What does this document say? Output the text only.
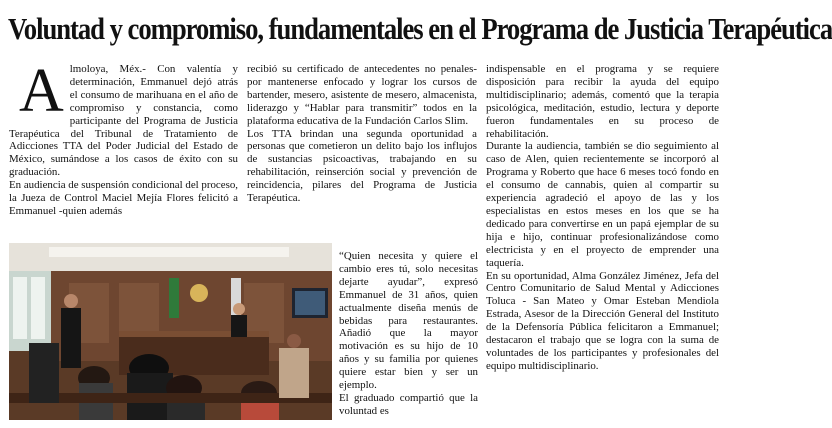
Voluntad y compromiso, fundamentales en el Programa de Justicia Terapéutica

Almoloya, Méx.- Con valentía y determinación, Emmanuel dejó atrás el consumo de marihuana en el año de compromiso y constancia, como participante del Programa de Justicia Terapéutica del Tribunal de Tratamiento de Adicciones TTA del Poder Judicial del Estado de México, sumándose a los casos de éxito con su graduación.

En audiencia de suspensión condicional del proceso, la Jueza de Control Maciel Mejía Flores felicitó a Emmanuel -quien además

recibió su certificado de antecedentes no penales- por mantenerse enfocado y lograr los cursos de bartender, mesero, asistente de mesero, almacenista, liderazgo y “Hablar para transmitir” todos en la plataforma educativa de la Fundación Carlos Slim.

Los TTA brindan una segunda oportunidad a personas que cometieron un delito bajo los influjos de sustancias psicoactivas, trabajando en su rehabilitación, reinserción social y prevención de reincidencia, pilares del Programa de Justicia Terapéutica.

“Quien necesita y quiere el cambio eres tú, solo necesitas dejarte ayudar”, expresó Emmanuel de 31 años, quien actualmente diseña menús de bebidas para restaurantes. Añadió que la mayor motivación es su hijo de 10 años y su familia por quienes quiere estar bien y ser un ejemplo.

El graduado compartió que la voluntad es

indispensable en el programa y se requiere disposición para recibir la ayuda del equipo multidisciplinario; además, comentó que la terapia psicológica, meditación, estudio, lectura y deporte fueron fundamentales en su proceso de rehabilitación.

Durante la audiencia, también se dio seguimiento al caso de Alen, quien recientemente se incorporó al Programa y Roberto que hace 6 meses tocó fondo en el consumo de cannabis, quien al compartir su experiencia agradeció el apoyo de las y los especialistas en estos meses en los que se ha dedicado para convertirse en un papá ejemplar de su hija e hijo, continuar profesionalizándose como electricista y en el proyecto de emprender una taquería.

En su oportunidad, Alma González Jiménez, Jefa del Centro Comunitario de Salud Mental y Adicciones Toluca - San Mateo y Omar Esteban Mendiola Estrada, Asesor de la Dirección General del Instituto de la Defensoría Pública felicitaron a Emmanuel; destacaron el trabajo que se logra con la suma de voluntades de los participantes y profesionales del equipo multidisciplinario.
